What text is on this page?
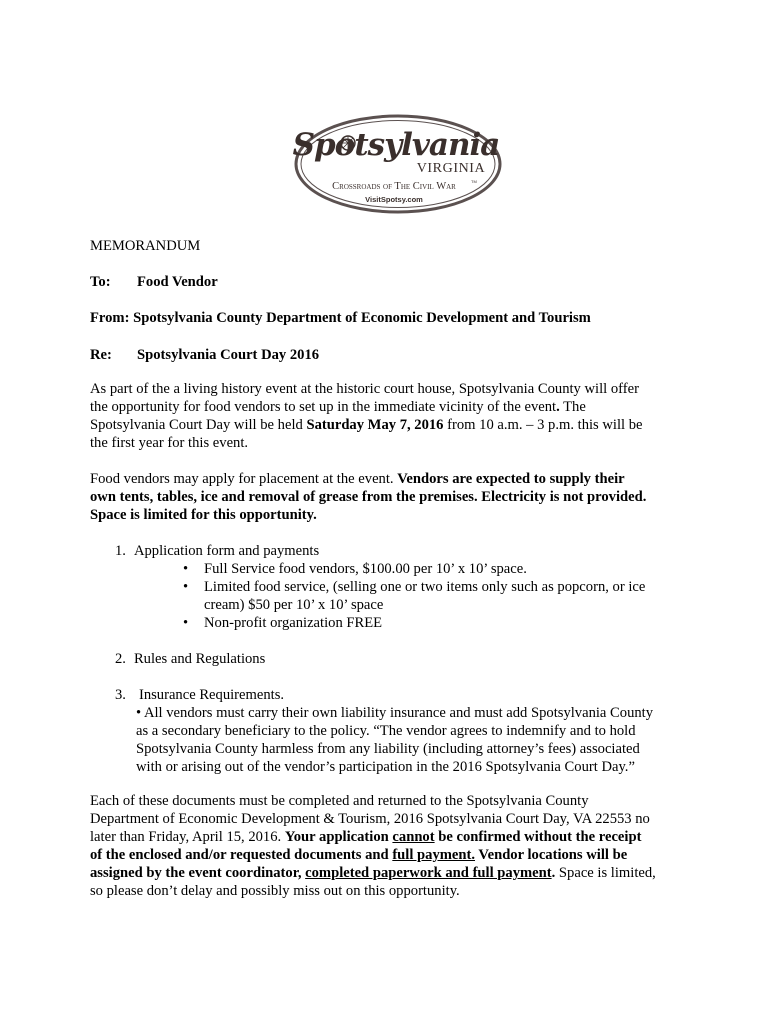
Spotsylvania
VIRGINIA
Crossroads of The Civil War	TM
VisitSpotsy.com

MEMORANDUM

To: Food Vendor

From: Spotsylvania County Department of Economic Development and Tourism

Re: Spotsylvania Court Day 2016

As part of the a living history event at the historic court house, Spotsylvania County will offer

the opportunity for food vendors to set up in the immediate vicinity of the event. The

Spotsylvania Court Day will be held Saturday May 7, 2016 from 10 a.m. – 3 p.m. this will be

the first year for this event.

Food vendors may apply for placement at the event. Vendors are expected to supply their

own tents, tables, ice and removal of grease from the premises. Electricity is not provided.

Space is limited for this opportunity.

1. Application form and payments

• Full Service food vendors, $100.00 per 10’ x 10’ space.
• Limited food service, (selling one or two items only such as popcorn, or ice
cream) $50 per 10’ x 10’ space
• Non-profit organization FREE

2. Rules and Regulations

3. Insurance Requirements.

• All vendors must carry their own liability insurance and must add Spotsylvania County

as a secondary beneficiary to the policy. “The vendor agrees to indemnify and to hold

Spotsylvania County harmless from any liability (including attorney’s fees) associated

with or arising out of the vendor’s participation in the 2016 Spotsylvania Court Day.”

Each of these documents must be completed and returned to the Spotsylvania County

Department of Economic Development & Tourism, 2016 Spotsylvania Court Day, VA 22553 no

later than Friday, April 15, 2016. Your application cannot be confirmed without the receipt

of the enclosed and/or requested documents and full payment. Vendor locations will be

assigned by the event coordinator, completed paperwork and full payment. Space is limited,

so please don’t delay and possibly miss out on this opportunity.
